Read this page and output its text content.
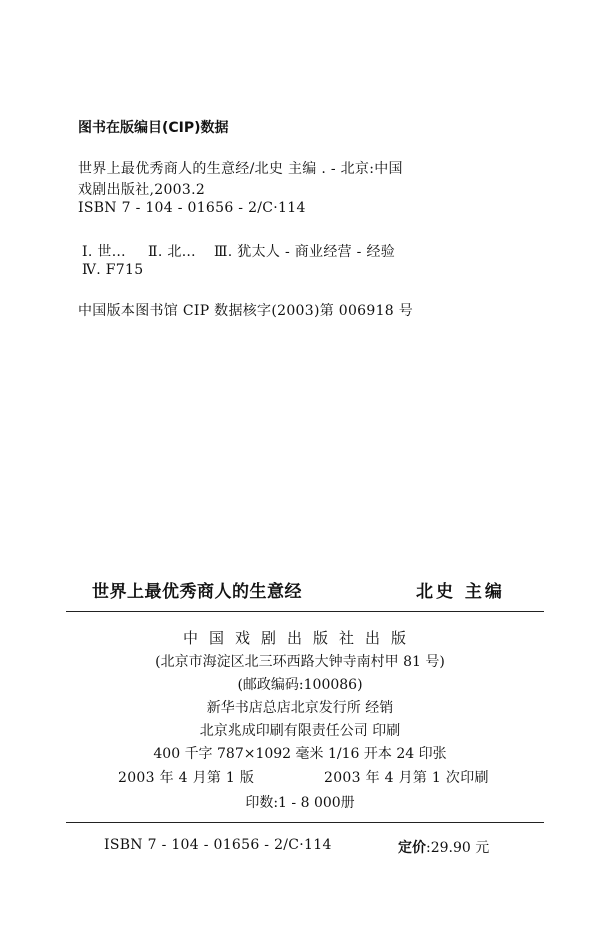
图书在版编目(CIP)数据
世界上最优秀商人的生意经/北史 主编 . - 北京:中国
戏剧出版社,2003.2
ISBN 7 - 104 - 01656 - 2/C·114
Ⅰ. 世… Ⅱ. 北… Ⅲ. 犹太人 - 商业经营 - 经验
Ⅳ. F715
中国版本图书馆 CIP 数据核字(2003)第 006918 号
世界上最优秀商人的生意经	北史 主编
中国戏剧出版社出版
(北京市海淀区北三环西路大钟寺南村甲 81 号)
(邮政编码:100086)
新华书店总店北京发行所 经销
北京兆成印刷有限责任公司 印刷
400 千字 787×1092 毫米 1/16 开本 24 印张
2003 年 4 月第 1 版	2003 年 4 月第 1 次印刷
印数:1 - 8 000册
ISBN 7 - 104 - 01656 - 2/C·114	定价:29.90 元
